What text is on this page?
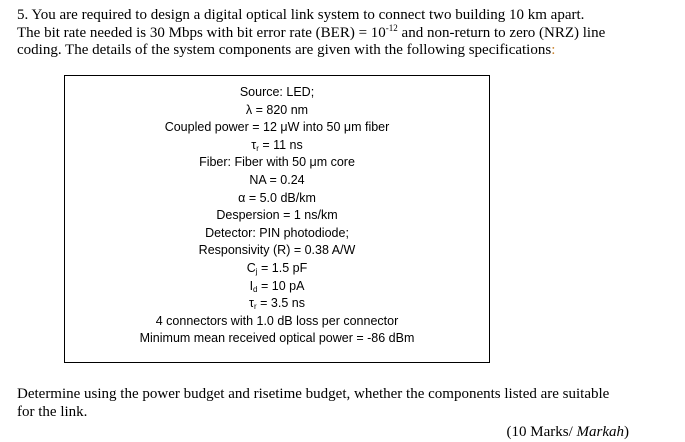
5. You are required to design a digital optical link system to connect two building 10 km apart.
The bit rate needed is 30 Mbps with bit error rate $(BER) = 10^{-12}$ and non-return to zero (NRZ) line
coding. The details of the system components are given with the following specifications:
Source: LED;
λ = 820 nm
Coupled power = 12 μW into 50 μm fiber
$\tau_r = 11$ ns
Fiber: Fiber with 50 μm core
NA = 0.24
α = 5.0 dB/km
Despersion = 1 ns/km
Detector: PIN photodiode;
Responsivity (R) = 0.38 A/W
$C_j = 1.5$ pF
$I_d = 10$ pA
$\tau_r = 3.5$ ns
4 connectors with 1.0 dB loss per connector
Minimum mean received optical power = -86 dBm
Determine using the power budget and risetime budget, whether the components listed are suitable
for the link.
(10 Marks/ Markah)
